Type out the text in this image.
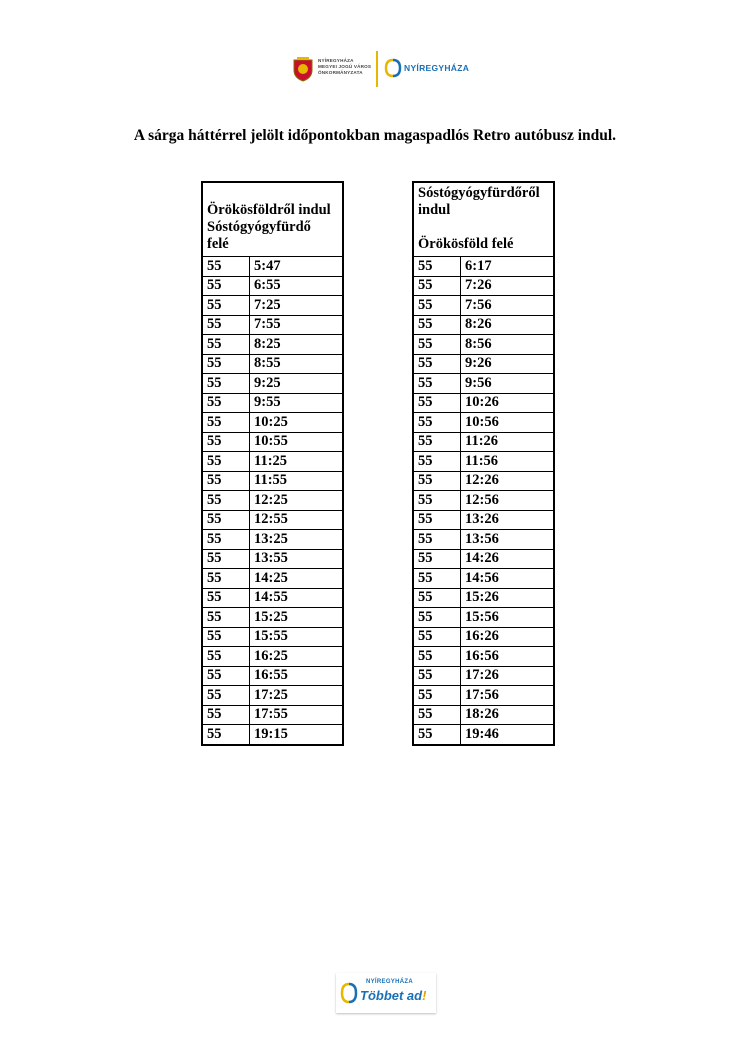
NYÍREGYHÁZA
MEGYEI JOGÚ VÁROS
ÖNKORMÁNYZATA	NYÍREGYHÁZA
A sárga háttérrel jelölt időpontokban magaspadlós Retro autóbusz indul.
Örökösföldről indul
Sóstógyógyfürdő
felé	

55	5:47
55	6:55
55	7:25
55	7:55
55	8:25
55	8:55
55	9:25
55	9:55
55	10:25
55	10:55
55	11:25
55	11:55
55	12:25
55	12:55
55	13:25
55	13:55
55	14:25
55	14:55
55	15:25
55	15:55
55	16:25
55	16:55
55	17:25
55	17:55
55	19:15
Sóstógyógyfürdőről
indul
Örökösföld felé	

55	6:17
55	7:26
55	7:56
55	8:26
55	8:56
55	9:26
55	9:56
55	10:26
55	10:56
55	11:26
55	11:56
55	12:26
55	12:56
55	13:26
55	13:56
55	14:26
55	14:56
55	15:26
55	15:56
55	16:26
55	16:56
55	17:26
55	17:56
55	18:26
55	19:46
NYÍREGYHÁZA
Többet ad!
